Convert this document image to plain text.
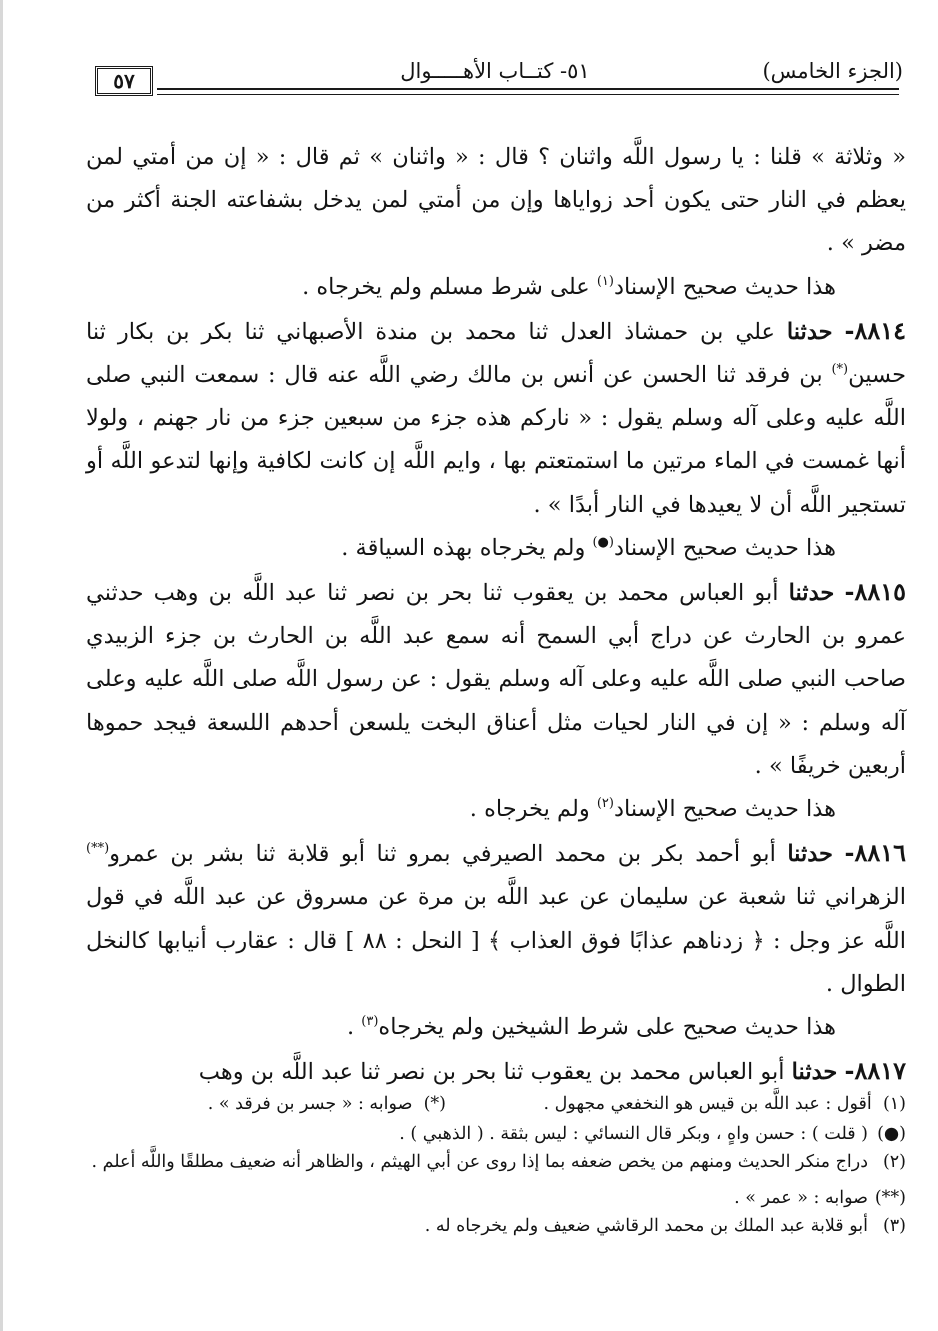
٥٧	٥١- كتــاب الأهـــــوال	(الجزء الخامس)

« وثلاثة » قلنا : يا رسول اللَّه واثنان ؟ قال : « واثنان » ثم قال : « إن من أمتي لمن يعظم في النار حتى يكون أحد زواياها وإن من أمتي لمن يدخل بشفاعته الجنة أكثر من مضر » .

هذا حديث صحيح الإسناد$^{(١)}$ على شرط مسلم ولم يخرجاه .

٨٨١٤- حدثنا علي بن حمشاذ العدل ثنا محمد بن مندة الأصبهاني ثنا بكر بن بكار ثنا حسين(*) بن فرقد ثنا الحسن عن أنس بن مالك رضي اللَّه عنه قال : سمعت النبي صلى اللَّه عليه وعلى آله وسلم يقول : « ناركم هذه جزء من سبعين جزء من نار جهنم ، ولولا أنها غمست في الماء مرتين ما استمتعتم بها ، وايم اللَّه إن كانت لكافية وإنها لتدعو اللَّه أو تستجير اللَّه أن لا يعيدها في النار أبدًا » .

هذا حديث صحيح الإسناد(●) ولم يخرجاه بهذه السياقة .

٨٨١٥- حدثنا أبو العباس محمد بن يعقوب ثنا بحر بن نصر ثنا عبد اللَّه بن وهب حدثني عمرو بن الحارث عن دراج أبي السمح أنه سمع عبد اللَّه بن الحارث بن جزء الزبيدي صاحب النبي صلى اللَّه عليه وعلى آله وسلم يقول : عن رسول اللَّه صلى اللَّه عليه وعلى آله وسلم : « إن في النار لحيات مثل أعناق البخت يلسعن أحدهم اللسعة فيجد حموها أربعين خريفًا » .

هذا حديث صحيح الإسناد$^{(٢)}$ ولم يخرجاه .

٨٨١٦- حدثنا أبو أحمد بكر بن محمد الصيرفي بمرو ثنا أبو قلابة ثنا بشر بن عمرو(**) الزهراني ثنا شعبة عن سليمان عن عبد اللَّه بن مرة عن مسروق عن عبد اللَّه في قول اللَّه عز وجل : ﴿ زدناهم عذابًا فوق العذاب ﴾ [ النحل : ٨٨ ] قال : عقارب أنيابها كالنخل الطوال .

هذا حديث صحيح على شرط الشيخين ولم يخرجاه$^{(٣)}$ .

٨٨١٧- حدثنا أبو العباس محمد بن يعقوب ثنا بحر بن نصر ثنا عبد اللَّه بن وهب

(١)  أقول : عبد اللَّه بن قيس هو النخفعي مجهول .
(*)  صوابه : « جسر بن فرقد » .

(●)
( قلت ) : حسن واهٍ ، وبكر قال النسائي : ليس بثقة . ( الذهبي ) .

(٢)
دراج منكر الحديث ومنهم من يخص ضعفه بما إذا روى عن أبي الهيثم ، والظاهر أنه ضعيف مطلقًا واللَّه أعلم .

(**)
صوابه : « عمر » .

(٣)
أبو قلابة عبد الملك بن محمد الرقاشي ضعيف ولم يخرجاه له .
